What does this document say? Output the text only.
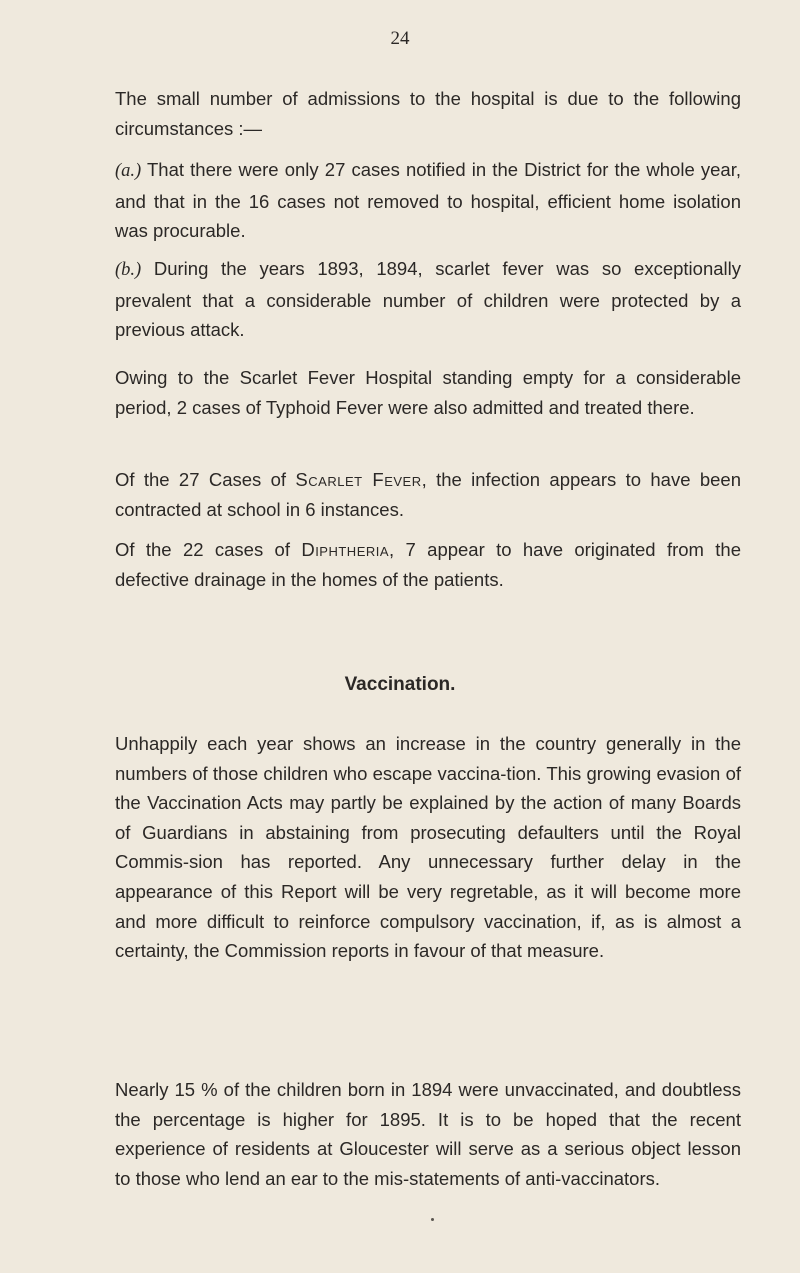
24

The small number of admissions to the hospital is due to the following circumstances :—

(a.) That there were only 27 cases notified in the District for the whole year, and that in the 16 cases not removed to hospital, efficient home isolation was procurable.

(b.) During the years 1893, 1894, scarlet fever was so exceptionally prevalent that a considerable number of children were protected by a previous attack.

Owing to the Scarlet Fever Hospital standing empty for a considerable period, 2 cases of Typhoid Fever were also admitted and treated there.

Of the 27 Cases of Scarlet Fever, the infection appears to have been contracted at school in 6 instances.

Of the 22 cases of Diphtheria, 7 appear to have originated from the defective drainage in the homes of the patients.

Vaccination.

Unhappily each year shows an increase in the country generally in the numbers of those children who escape vaccina-tion. This growing evasion of the Vaccination Acts may partly be explained by the action of many Boards of Guardians in abstaining from prosecuting defaulters until the Royal Commis-sion has reported. Any unnecessary further delay in the appearance of this Report will be very regretable, as it will become more and more difficult to reinforce compulsory vaccination, if, as is almost a certainty, the Commission reports in favour of that measure.

Nearly 15 % of the children born in 1894 were unvaccinated, and doubtless the percentage is higher for 1895. It is to be hoped that the recent experience of residents at Gloucester will serve as a serious object lesson to those who lend an ear to the mis-statements of anti-vaccinators.
